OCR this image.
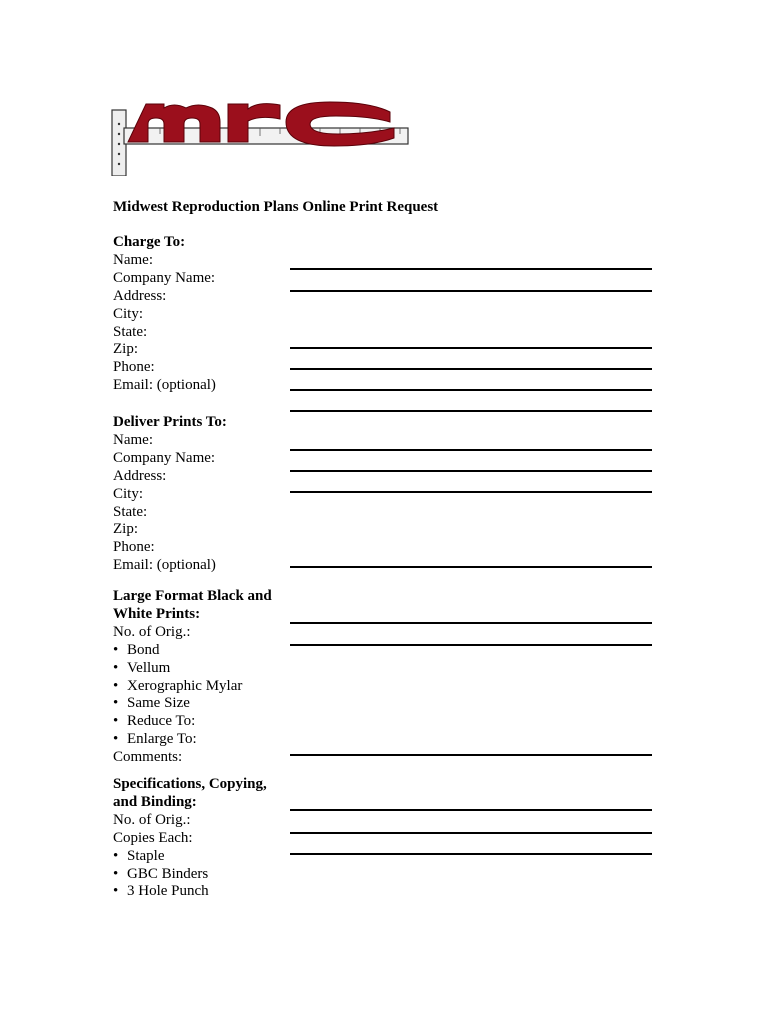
Midwest Reproduction Plans Online Print Request
Charge To:
Name:
Company Name:
Address:
City:
State:
Zip:
Phone:
Email: (optional)
Deliver Prints To:
Name:
Company Name:
Address:
City:
State:
Zip:
Phone:
Email: (optional)
Large Format Black and
White Prints:
No. of Orig.:
• Bond
• Vellum
• Xerographic Mylar
• Same Size
• Reduce To:
• Enlarge To:
Comments:
Specifications, Copying,
and Binding:
No. of Orig.:
Copies Each:
• Staple
• GBC Binders
• 3 Hole Punch
